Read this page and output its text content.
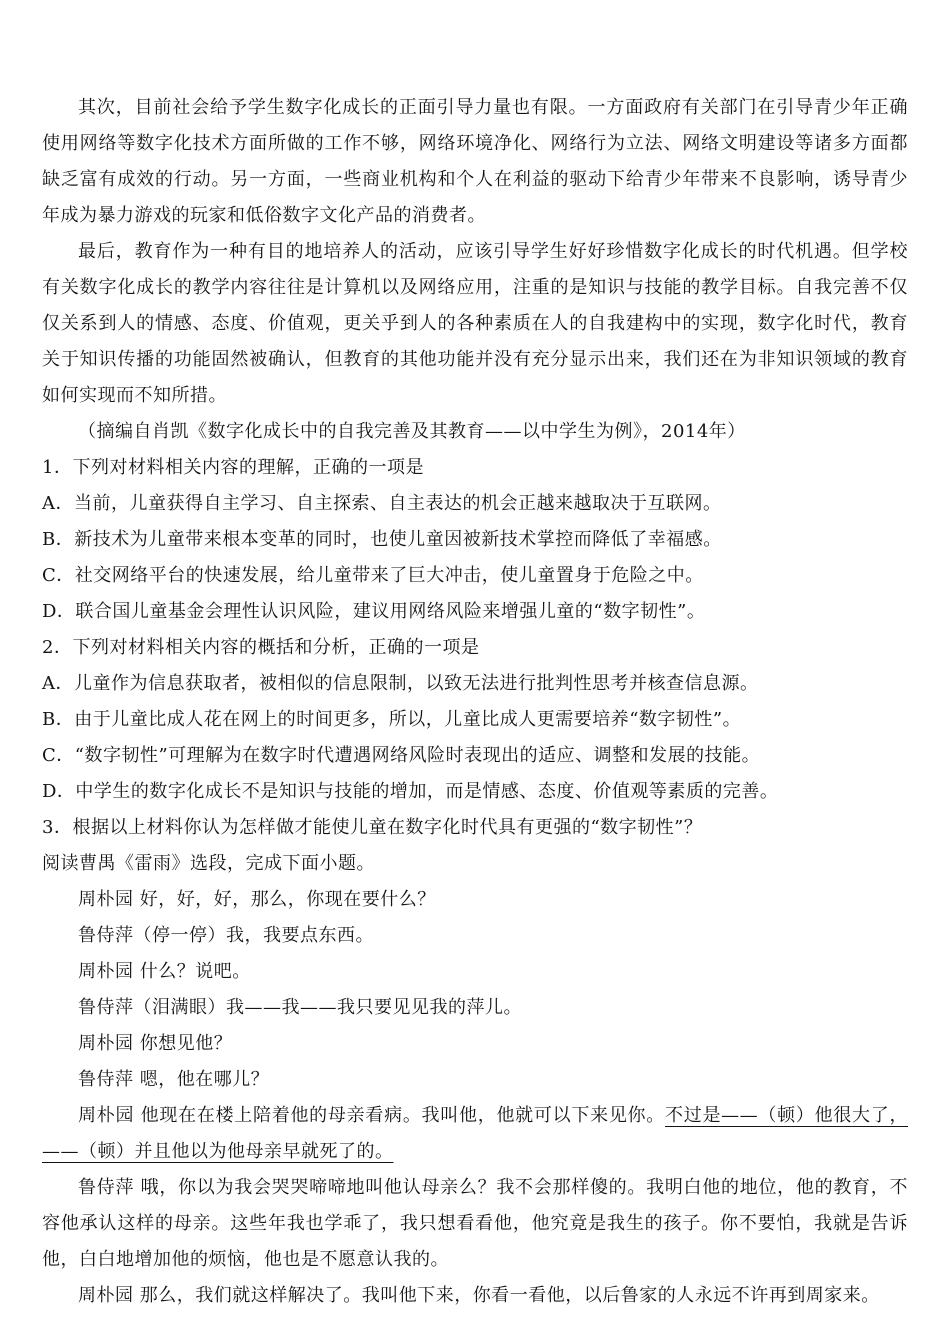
其次，目前社会给予学生数字化成长的正面引导力量也有限。一方面政府有关部门在引导青少年正确使用网络等数字化技术方面所做的工作不够，网络环境净化、网络行为立法、网络文明建设等诸多方面都缺乏富有成效的行动。另一方面，一些商业机构和个人在利益的驱动下给青少年带来不良影响，诱导青少年成为暴力游戏的玩家和低俗数字文化产品的消费者。

最后，教育作为一种有目的地培养人的活动，应该引导学生好好珍惜数字化成长的时代机遇。但学校有关数字化成长的教学内容往往是计算机以及网络应用，注重的是知识与技能的教学目标。自我完善不仅仅关系到人的情感、态度、价值观，更关乎到人的各种素质在人的自我建构中的实现，数字化时代，教育关于知识传播的功能固然被确认，但教育的其他功能并没有充分显示出来，我们还在为非知识领域的教育如何实现而不知所措。

（摘编自肖凯《数字化成长中的自我完善及其教育——以中学生为例》，2014年）

1．下列对材料相关内容的理解，正确的一项是

A．当前，儿童获得自主学习、自主探索、自主表达的机会正越来越取决于互联网。

B．新技术为儿童带来根本变革的同时，也使儿童因被新技术掌控而降低了幸福感。

C．社交网络平台的快速发展，给儿童带来了巨大冲击，使儿童置身于危险之中。

D．联合国儿童基金会理性认识风险，建议用网络风险来增强儿童的“数字韧性”。

2．下列对材料相关内容的概括和分析，正确的一项是

A．儿童作为信息获取者，被相似的信息限制，以致无法进行批判性思考并核查信息源。

B．由于儿童比成人花在网上的时间更多，所以，儿童比成人更需要培养“数字韧性”。

C．“数字韧性”可理解为在数字时代遭遇网络风险时表现出的适应、调整和发展的技能。

D．中学生的数字化成长不是知识与技能的增加，而是情感、态度、价值观等素质的完善。

3．根据以上材料你认为怎样做才能使儿童在数字化时代具有更强的“数字韧性”？

阅读曹禺《雷雨》选段，完成下面小题。

周朴园 好，好，好，那么，你现在要什么？

鲁侍萍（停一停）我，我要点东西。

周朴园 什么？说吧。

鲁侍萍（泪满眼）我——我——我只要见见我的萍儿。

周朴园 你想见他？

鲁侍萍 嗯，他在哪儿？

周朴园 他现在在楼上陪着他的母亲看病。我叫他，他就可以下来见你。不过是——（顿）他很大了，——（顿）并且他以为他母亲早就死了的。

鲁侍萍 哦，你以为我会哭哭啼啼地叫他认母亲么？我不会那样傻的。我明白他的地位，他的教育，不容他承认这样的母亲。这些年我也学乖了，我只想看看他，他究竟是我生的孩子。你不要怕，我就是告诉他，白白地增加他的烦恼，他也是不愿意认我的。

周朴园 那么，我们就这样解决了。我叫他下来，你看一看他，以后鲁家的人永远不许再到周家来。
